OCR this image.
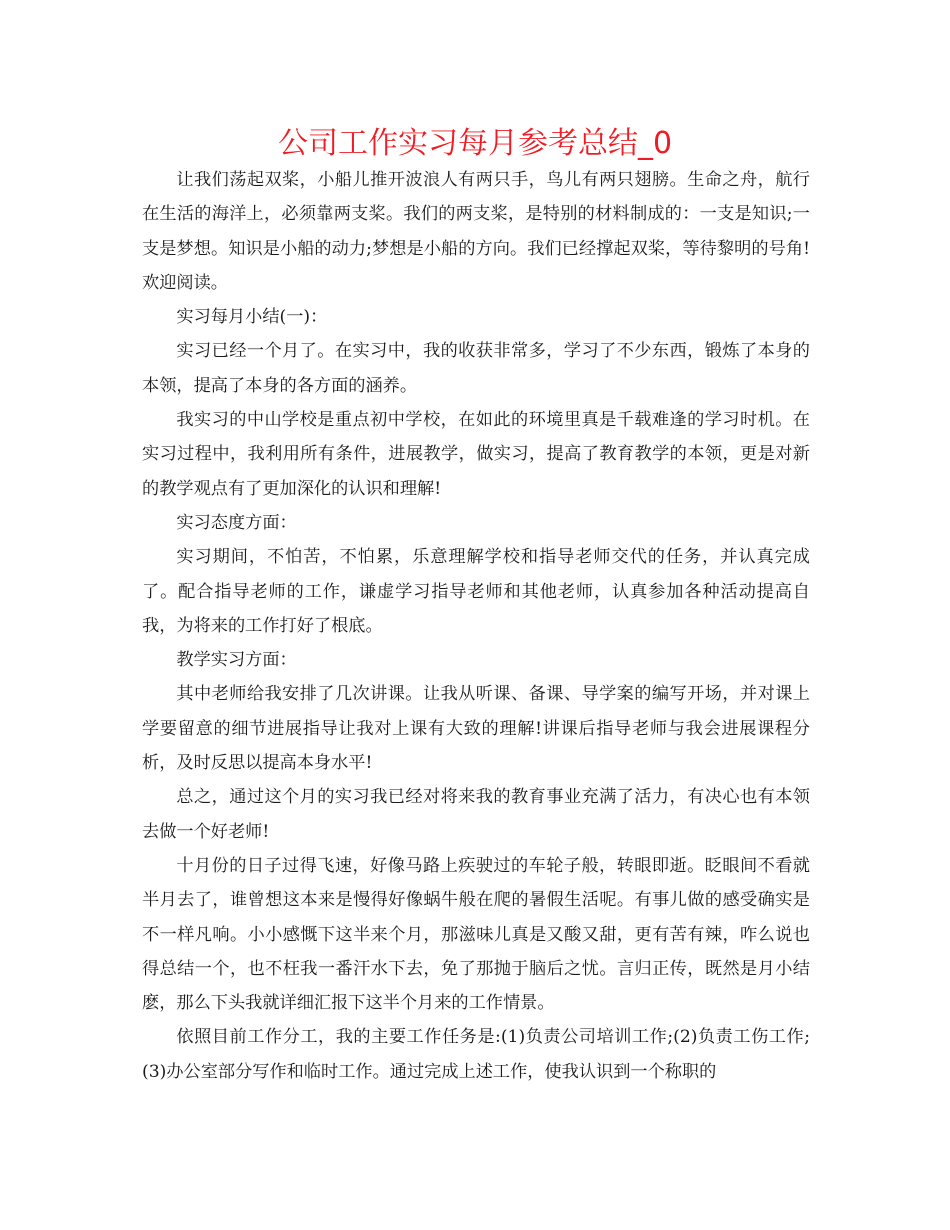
公司工作实习每月参考总结_0

让我们荡起双桨，小船儿推开波浪人有两只手，鸟儿有两只翅膀。生命之舟，航行在生活的海洋上，必须靠两支桨。我们的两支桨，是特别的材料制成的：一支是知识;一支是梦想。知识是小船的动力;梦想是小船的方向。我们已经撑起双桨，等待黎明的号角!欢迎阅读。

实习每月小结(一)：

实习已经一个月了。在实习中，我的收获非常多，学习了不少东西，锻炼了本身的本领，提高了本身的各方面的涵养。

我实习的中山学校是重点初中学校，在如此的环境里真是千载难逢的学习时机。在实习过程中，我利用所有条件，进展教学，做实习，提高了教育教学的本领，更是对新的教学观点有了更加深化的认识和理解!

实习态度方面：

实习期间，不怕苦，不怕累，乐意理解学校和指导老师交代的任务，并认真完成了。配合指导老师的工作，谦虚学习指导老师和其他老师，认真参加各种活动提高自我，为将来的工作打好了根底。

教学实习方面：

其中老师给我安排了几次讲课。让我从听课、备课、导学案的编写开场，并对课上学要留意的细节进展指导让我对上课有大致的理解!讲课后指导老师与我会进展课程分析，及时反思以提高本身水平!

总之，通过这个月的实习我已经对将来我的教育事业充满了活力，有决心也有本领去做一个好老师!

十月份的日子过得飞速，好像马路上疾驶过的车轮子般，转眼即逝。眨眼间不看就半月去了，谁曾想这本来是慢得好像蜗牛般在爬的暑假生活呢。有事儿做的感受确实是不一样凡响。小小感慨下这半来个月，那滋味儿真是又酸又甜，更有苦有辣，咋么说也得总结一个，也不枉我一番汗水下去，免了那抛于脑后之忧。言归正传，既然是月小结麽，那么下头我就详细汇报下这半个月来的工作情景。

依照目前工作分工，我的主要工作任务是:(1)负责公司培训工作;(2)负责工伤工作;(3)办公室部分写作和临时工作。通过完成上述工作，使我认识到一个称职的
